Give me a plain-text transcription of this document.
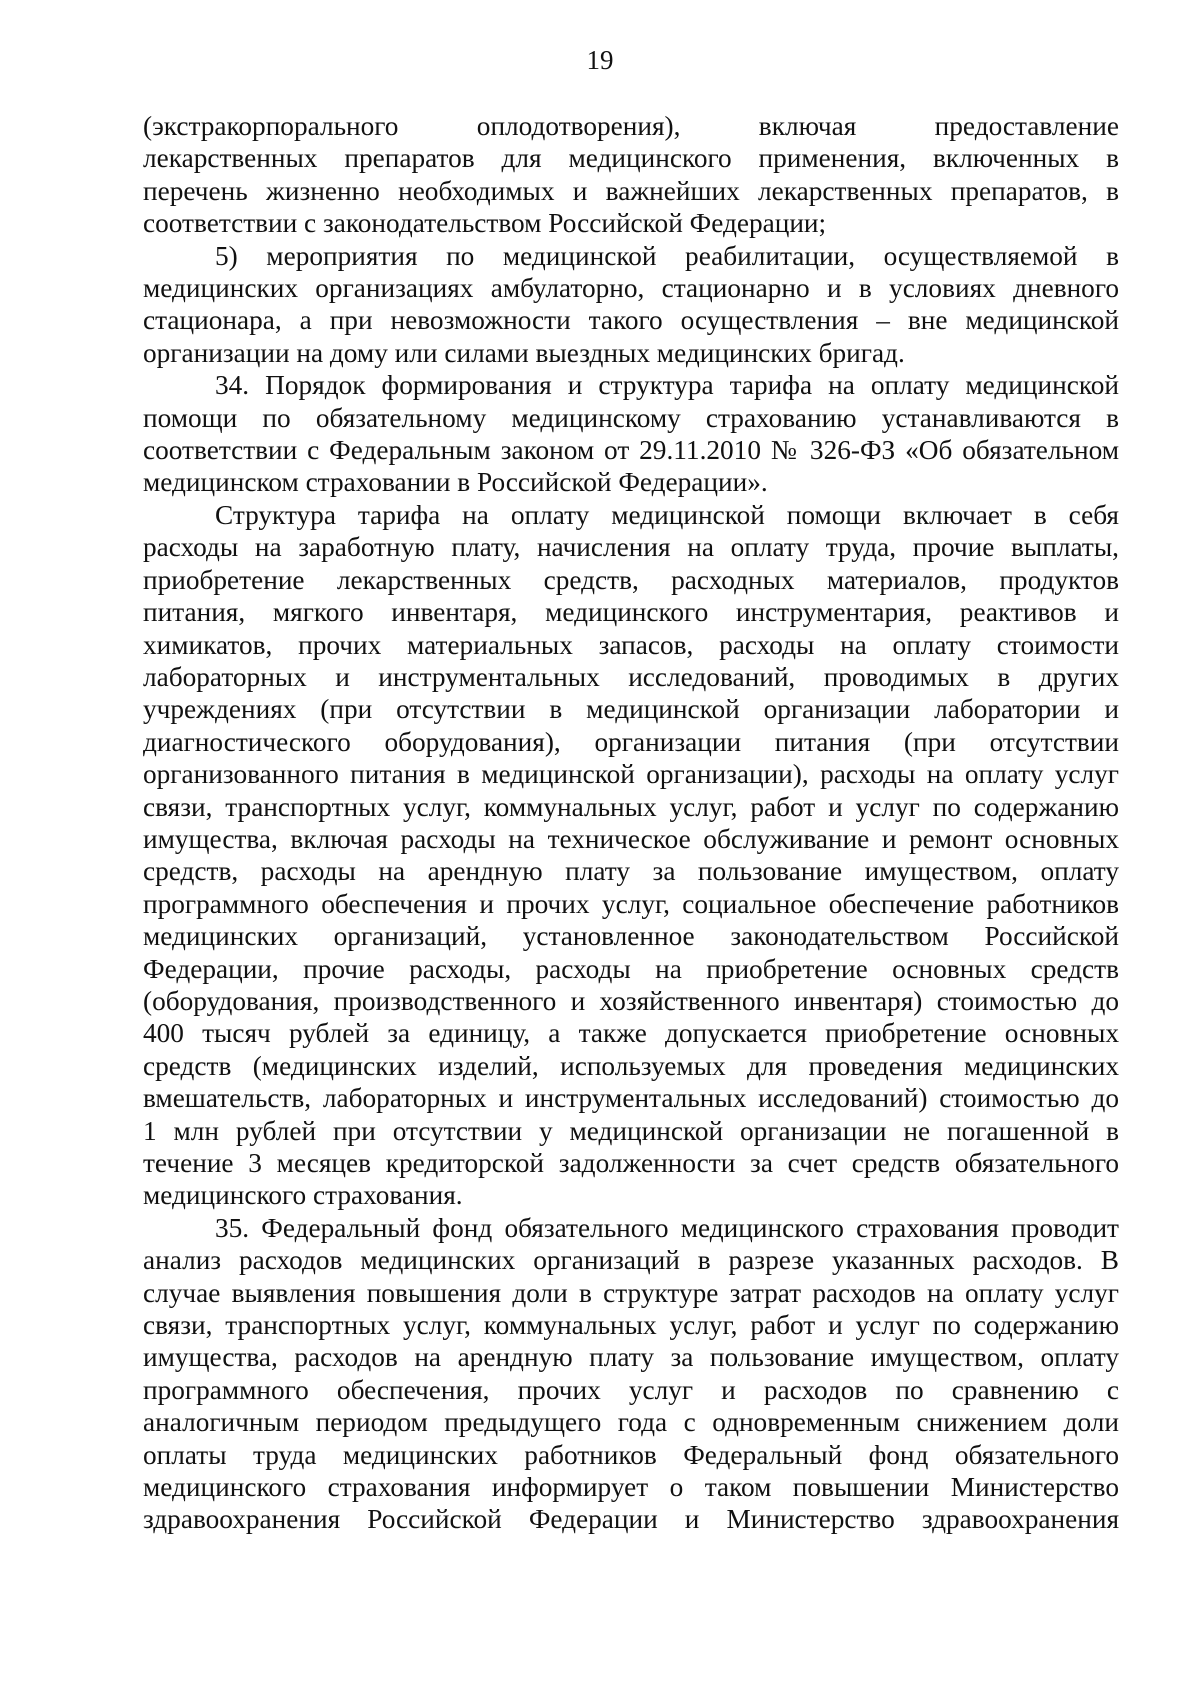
19
(экстракорпорального оплодотворения), включая предоставление
лекарственных препаратов для медицинского применения, включенных в
перечень жизненно необходимых и важнейших лекарственных препаратов, в
соответствии с законодательством Российской Федерации;
5) мероприятия по медицинской реабилитации, осуществляемой в
медицинских организациях амбулаторно, стационарно и в условиях дневного
стационара, а при невозможности такого осуществления – вне медицинской
организации на дому или силами выездных медицинских бригад.
34. Порядок формирования и структура тарифа на оплату медицинской
помощи по обязательному медицинскому страхованию устанавливаются в
соответствии с Федеральным законом от 29.11.2010 № 326-ФЗ «Об обязательном
медицинском страховании в Российской Федерации».
Структура тарифа на оплату медицинской помощи включает в себя
расходы на заработную плату, начисления на оплату труда, прочие выплаты,
приобретение лекарственных средств, расходных материалов, продуктов
питания, мягкого инвентаря, медицинского инструментария, реактивов и
химикатов, прочих материальных запасов, расходы на оплату стоимости
лабораторных и инструментальных исследований, проводимых в других
учреждениях (при отсутствии в медицинской организации лаборатории и
диагностического оборудования), организации питания (при отсутствии
организованного питания в медицинской организации), расходы на оплату услуг
связи, транспортных услуг, коммунальных услуг, работ и услуг по содержанию
имущества, включая расходы на техническое обслуживание и ремонт основных
средств, расходы на арендную плату за пользование имуществом, оплату
программного обеспечения и прочих услуг, социальное обеспечение работников
медицинских организаций, установленное законодательством Российской
Федерации, прочие расходы, расходы на приобретение основных средств
(оборудования, производственного и хозяйственного инвентаря) стоимостью до
400 тысяч рублей за единицу, а также допускается приобретение основных
средств (медицинских изделий, используемых для проведения медицинских
вмешательств, лабораторных и инструментальных исследований) стоимостью до
1 млн рублей при отсутствии у медицинской организации не погашенной в
течение 3 месяцев кредиторской задолженности за счет средств обязательного
медицинского страхования.
35. Федеральный фонд обязательного медицинского страхования проводит
анализ расходов медицинских организаций в разрезе указанных расходов. В
случае выявления повышения доли в структуре затрат расходов на оплату услуг
связи, транспортных услуг, коммунальных услуг, работ и услуг по содержанию
имущества, расходов на арендную плату за пользование имуществом, оплату
программного обеспечения, прочих услуг и расходов по сравнению с
аналогичным периодом предыдущего года с одновременным снижением доли
оплаты труда медицинских работников Федеральный фонд обязательного
медицинского страхования информирует о таком повышении Министерство
здравоохранения Российской Федерации и Министерство здравоохранения
